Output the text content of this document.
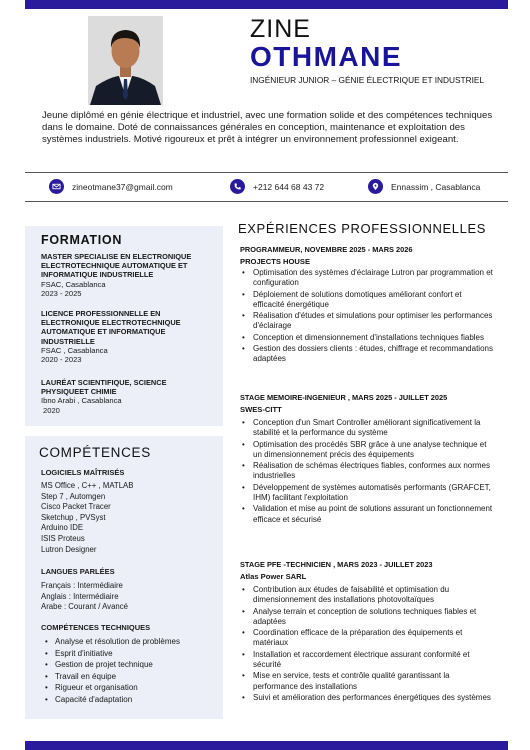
ZINE
OTHMANE
INGÉNIEUR JUNIOR – GÉNIE ÉLECTRIQUE ET INDUSTRIEL
Jeune diplômé en génie électrique et industriel, avec une formation solide et des compétences techniques dans le domaine. Doté de connaissances générales en conception, maintenance et exploitation des systèmes industriels. Motivé rigoureux et prêt à intégrer un environnement professionnel exigeant.
zineotmane37@gmail.com	+212 644 68 43 72	Ennassim , Casablanca
FORMATION
MASTER SPECIALISE EN ELECTRONIQUE ELECTROTECHNIQUE AUTOMATIQUE ET INFORMATIQUE INDUSTRIELLE
FSAC, Casablanca
2023 - 2025
LICENCE PROFESSIONNELLE EN ELECTRONIQUE ELECTROTECHNIQUE AUTOMATIQUE ET INFORMATIQUE INDUSTRIELLE
FSAC , Casablanca
2020 - 2023
LAURÉAT SCIENTIFIQUE, SCIENCE PHYSIQUEET CHIMIE
Ibno Arabi , Casablanca
2020
COMPÉTENCES
LOGICIELS MAÎTRISÉS
MS Office , C++ , MATLAB
Step 7 , Automgen
Cisco Packet Tracer
Sketchup , PVSyst
Arduino IDE
ISIS Proteus
Lutron Designer
LANGUES PARLÉES
Français : Intermédiaire
Anglais : Intermédiaire
Arabe : Courant / Avancé
COMPÉTENCES TECHNIQUES
• Analyse et résolution de problèmes
• Esprit d'initiative
• Gestion de projet technique
• Travail en équipe
• Rigueur et organisation
• Capacité d'adaptation
EXPÉRIENCES PROFESSIONNELLES
PROGRAMMEUR, NOVEMBRE 2025 - MARS 2026
PROJECTS HOUSE
• Optimisation des systèmes d'éclairage Lutron par programmation et configuration
• Déploiement de solutions domotiques améliorant confort et efficacité énergétique
• Réalisation d'études et simulations pour optimiser les performances d'éclairage
• Conception et dimensionnement d'installations techniques fiables
• Gestion des dossiers clients : études, chiffrage et recommandations adaptées
STAGE MEMOIRE-INGENIEUR , MARS 2025 - JUILLET 2025
SWES-CITT
• Conception d'un Smart Controller améliorant significativement la stabilité et la performance du système
• Optimisation des procédés SBR grâce à une analyse technique et un dimensionnement précis des équipements
• Réalisation de schémas électriques fiables, conformes aux normes industrielles
• Développement de systèmes automatisés performants (GRAFCET, IHM) facilitant l'exploitation
• Validation et mise au point de solutions assurant un fonctionnement efficace et sécurisé
STAGE PFE -TECHNICIEN , MARS 2023 - JUILLET 2023
Atlas Power SARL
• Contribution aux études de faisabilité et optimisation du dimensionnement des installations photovoltaïques
• Analyse terrain et conception de solutions techniques fiables et adaptées
• Coordination efficace de la préparation des équipements et matériaux
• Installation et raccordement électrique assurant conformité et sécurité
• Mise en service, tests et contrôle qualité garantissant la performance des installations
• Suivi et amélioration des performances énergétiques des systèmes
